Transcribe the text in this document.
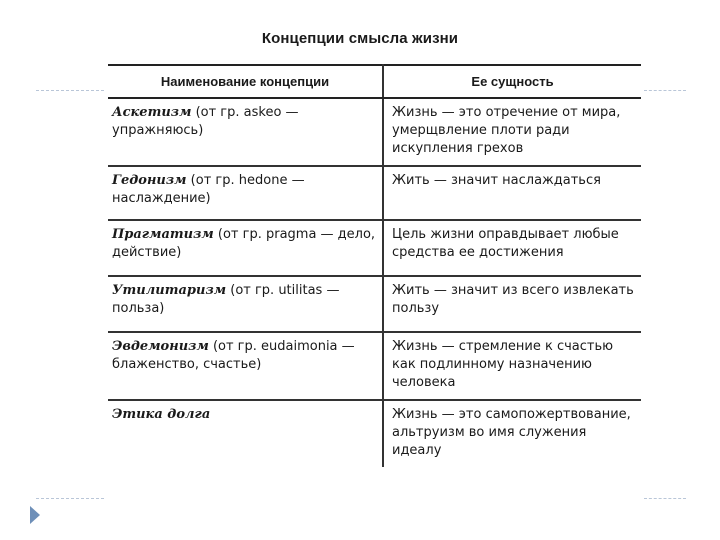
Концепции смысла жизни
Наименование концепции	Ее сущность
Аскетизм (от гр. askeo — упражняюсь)	Жизнь — это отречение от мира, умерщвление плоти ради искупления грехов
Гедонизм (от гр. hedone — наслаждение)	Жить — значит наслаждаться
Прагматизм (от гр. pragma — дело, действие)	Цель жизни оправдывает любые средства ее достижения
Утилитаризм (от гр. utilitas — польза)	Жить — значит из всего извлекать пользу
Эвдемонизм (от гр. eudaimonia — блаженство, счастье)	Жизнь — стремление к счастью как подлинному назначению человека
Этика долга	Жизнь — это самопожертвование, альтруизм во имя служения идеалу
